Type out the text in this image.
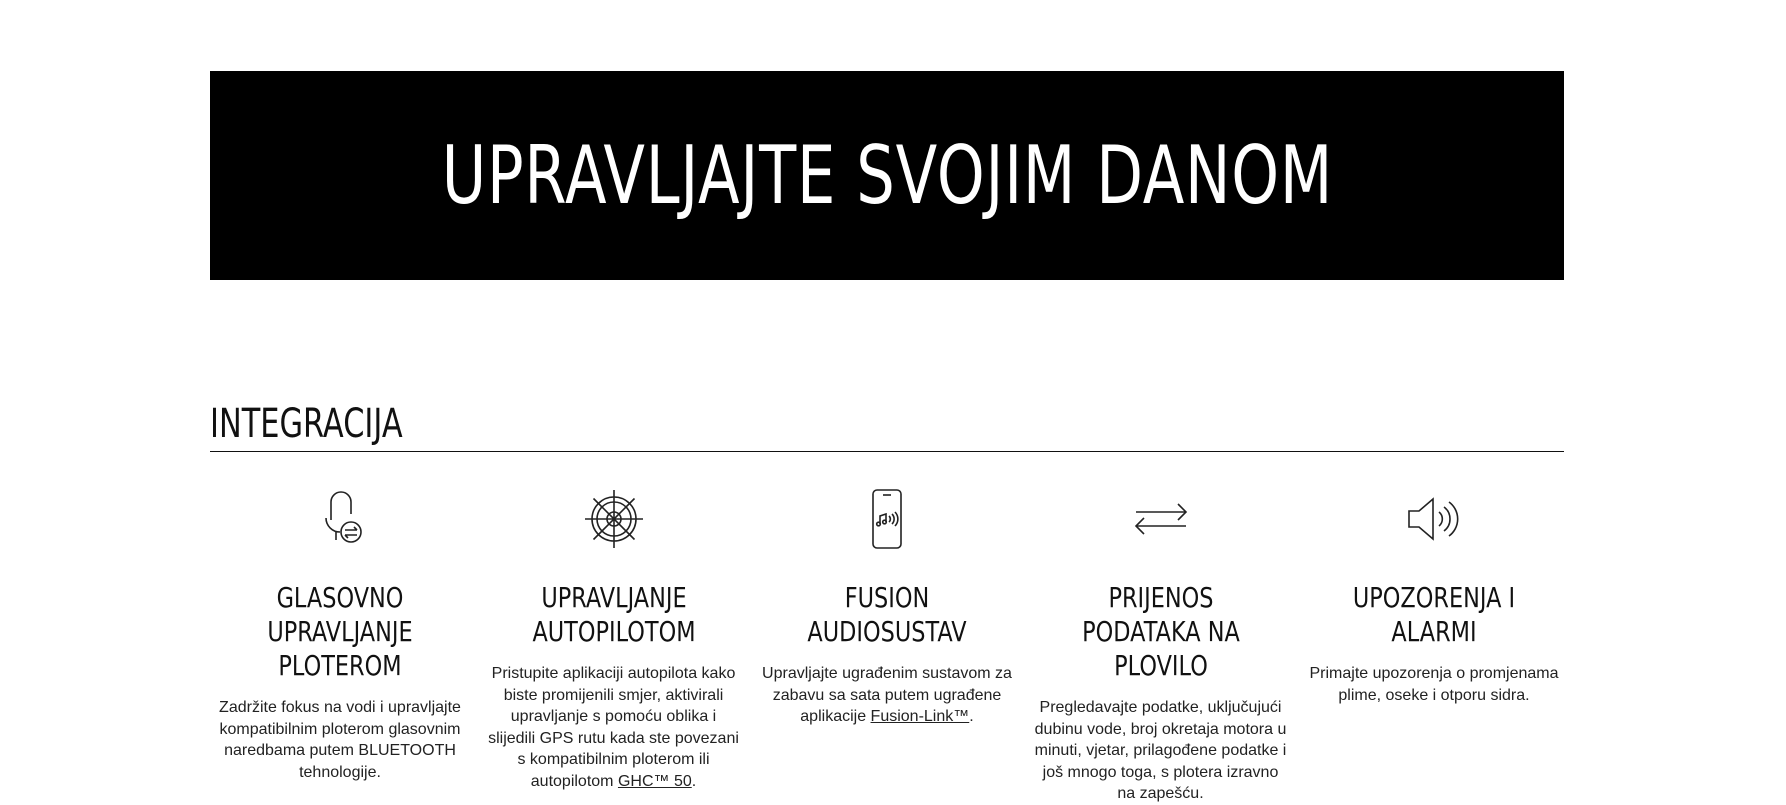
UPRAVLJAJTE SVOJIM DANOM
INTEGRACIJA
GLASOVNO UPRAVLJANJE PLOTEROM

Zadržite fokus na vodi i upravljajte kompatibilnim ploterom glasovnim naredbama putem BLUETOOTH tehnologije.

UPRAVLJANJE AUTOPILOTOM

Pristupite aplikaciji autopilota kako biste promijenili smjer, aktivirali upravljanje s pomoću oblika i slijedili GPS rutu kada ste povezani s kompatibilnim ploterom ili autopilotom GHC™ 50.

FUSION AUDIOSUSTAV

Upravljajte ugrađenim sustavom za zabavu sa sata putem ugrađene aplikacije Fusion-Link™.

PRIJENOS PODATAKA NA PLOVILO

Pregledavajte podatke, uključujući dubinu vode, broj okretaja motora u minuti, vjetar, prilagođene podatke i još mnogo toga, s plotera izravno na zapešću.

UPOZORENJA I ALARMI

Primajte upozorenja o promjenama plime, oseke i otporu sidra.
